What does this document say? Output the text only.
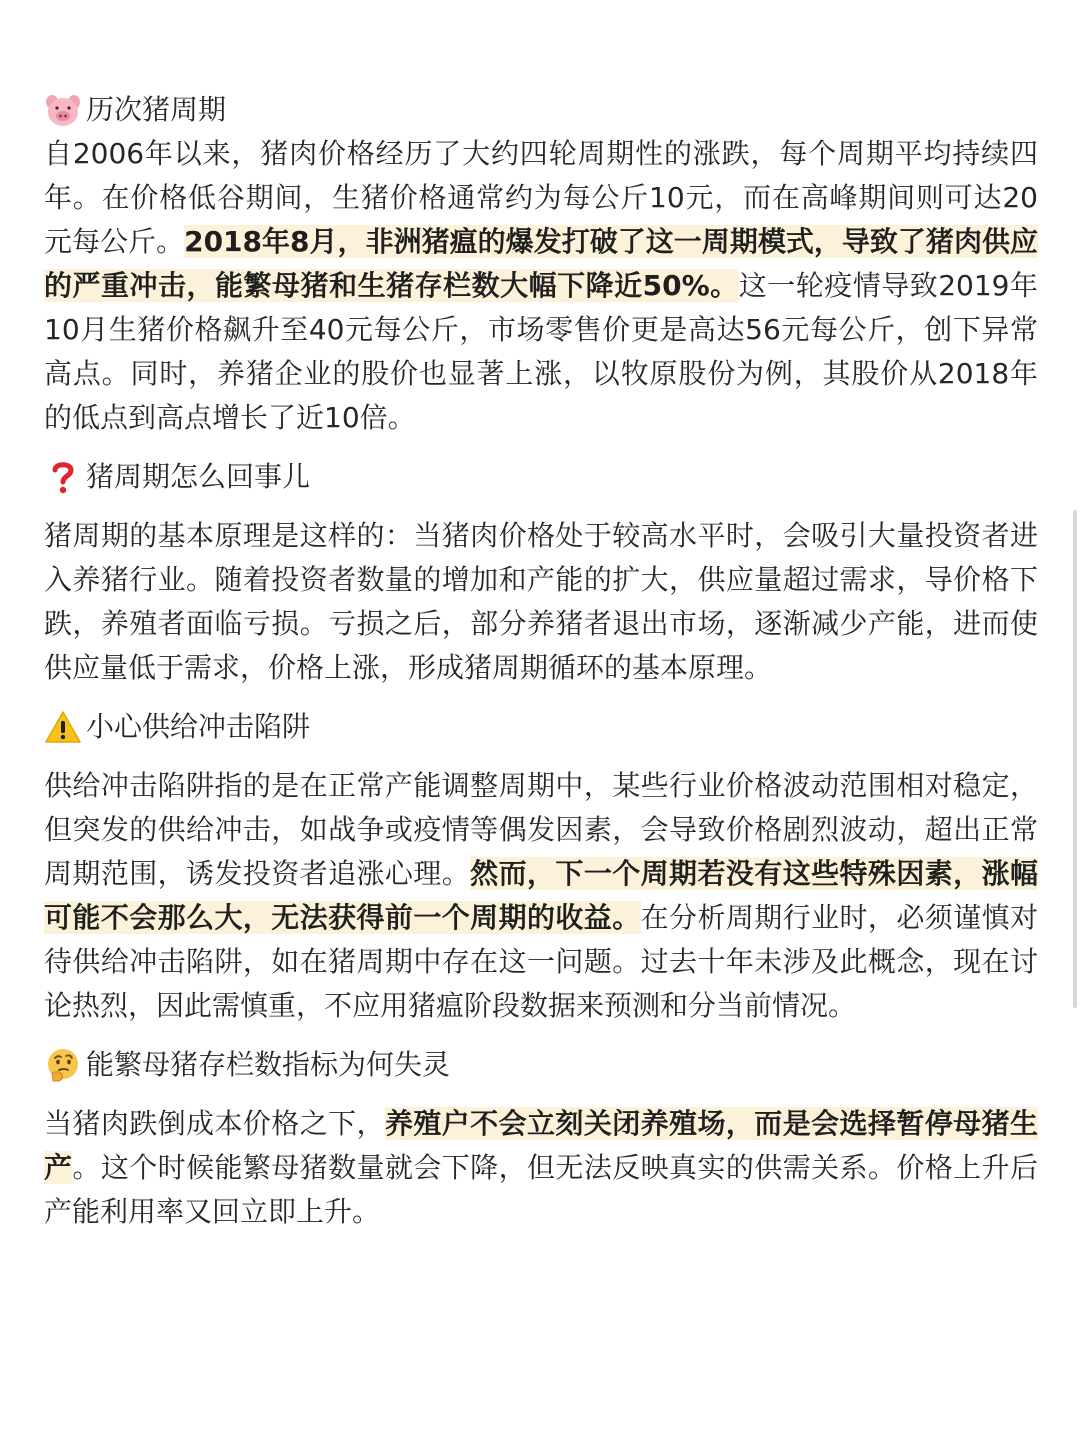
历次猪周期

自2006年以来，猪肉价格经历了大约四轮周期性的涨跌，每个周期平均持续四年。在价格低谷期间，生猪价格通常约为每公斤10元，而在高峰期间则可达20元每公斤。2018年8月，非洲猪瘟的爆发打破了这一周期模式，导致了猪肉供应的严重冲击，能繁母猪和生猪存栏数大幅下降近50%。这一轮疫情导致2019年10月生猪价格飙升至40元每公斤，市场零售价更是高达56元每公斤，创下异常高点。同时，养猪企业的股价也显著上涨，以牧原股份为例，其股价从2018年的低点到高点增长了近10倍。

猪周期怎么回事儿

猪周期的基本原理是这样的：当猪肉价格处于较高水平时，会吸引大量投资者进入养猪行业。随着投资者数量的增加和产能的扩大，供应量超过需求，导价格下跌，养殖者面临亏损。亏损之后，部分养猪者退出市场，逐渐减少产能，进而使供应量低于需求，价格上涨，形成猪周期循环的基本原理。

小心供给冲击陷阱

供给冲击陷阱指的是在正常产能调整周期中，某些行业价格波动范围相对稳定，但突发的供给冲击，如战争或疫情等偶发因素，会导致价格剧烈波动，超出正常周期范围，诱发投资者追涨心理。然而，下一个周期若没有这些特殊因素，涨幅可能不会那么大，无法获得前一个周期的收益。在分析周期行业时，必须谨慎对待供给冲击陷阱，如在猪周期中存在这一问题。过去十年未涉及此概念，现在讨论热烈，因此需慎重，不应用猪瘟阶段数据来预测和分当前情况。

能繁母猪存栏数指标为何失灵

当猪肉跌倒成本价格之下，养殖户不会立刻关闭养殖场，而是会选择暂停母猪生产。这个时候能繁母猪数量就会下降，但无法反映真实的供需关系。价格上升后产能利用率又回立即上升。
